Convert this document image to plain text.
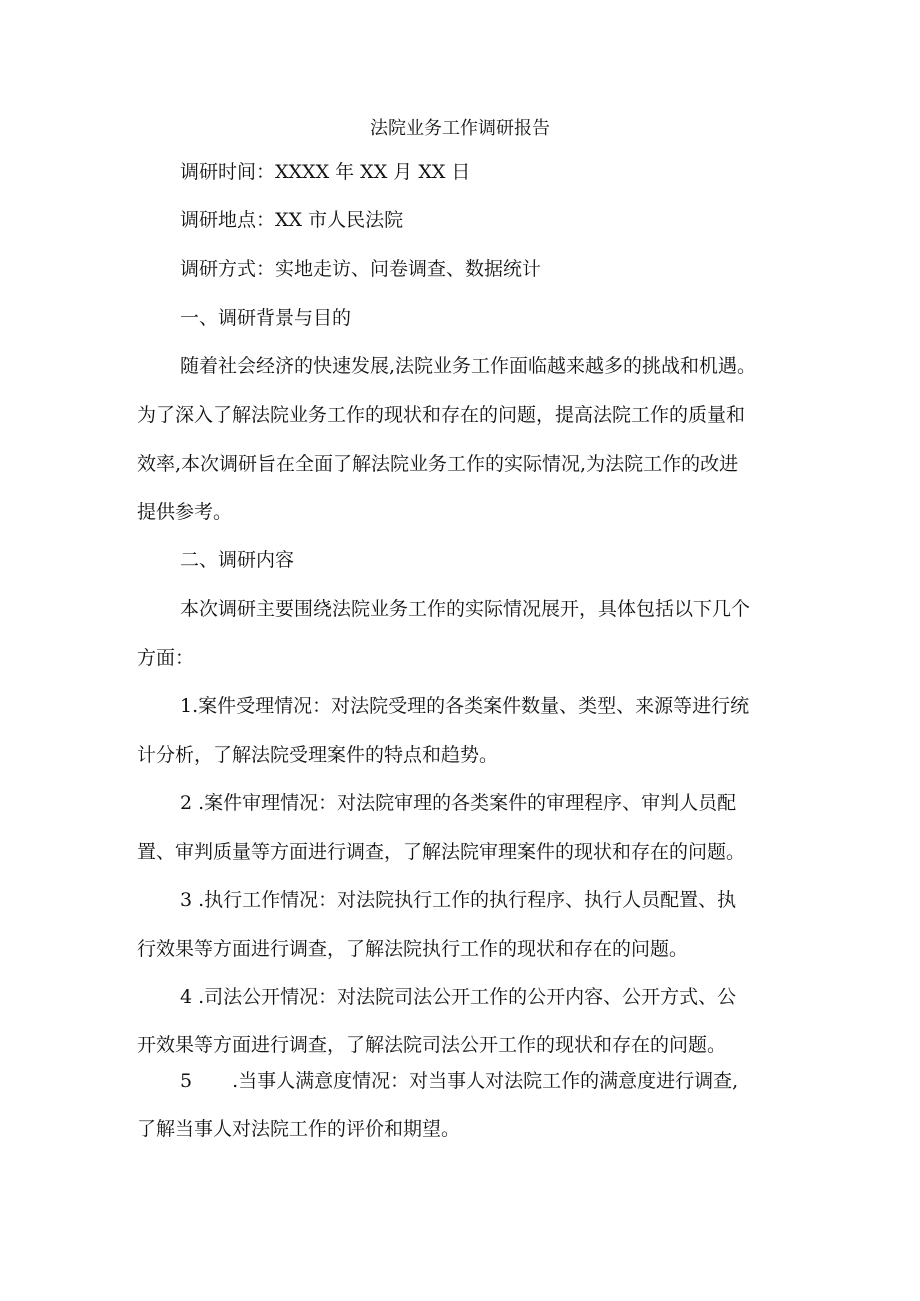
法院业务工作调研报告
调研时间：XXXX 年 XX 月 XX 日
调研地点：XX 市人民法院
调研方式：实地走访、问卷调查、数据统计
一、调研背景与目的
随着社会经济的快速发展,法院业务工作面临越来越多的挑战和机遇。
为了深入了解法院业务工作的现状和存在的问题，提高法院工作的质量和
效率,本次调研旨在全面了解法院业务工作的实际情况,为法院工作的改进
提供参考。
二、调研内容
本次调研主要围绕法院业务工作的实际情况展开，具体包括以下几个
方面：
1.案件受理情况：对法院受理的各类案件数量、类型、来源等进行统
计分析，了解法院受理案件的特点和趋势。
2 .案件审理情况：对法院审理的各类案件的审理程序、审判人员配
置、审判质量等方面进行调查，了解法院审理案件的现状和存在的问题。
3 .执行工作情况：对法院执行工作的执行程序、执行人员配置、执
行效果等方面进行调查，了解法院执行工作的现状和存在的问题。
4 .司法公开情况：对法院司法公开工作的公开内容、公开方式、公
开效果等方面进行调查，了解法院司法公开工作的现状和存在的问题。
5 .当事人满意度情况：对当事人对法院工作的满意度进行调查,
了解当事人对法院工作的评价和期望。
